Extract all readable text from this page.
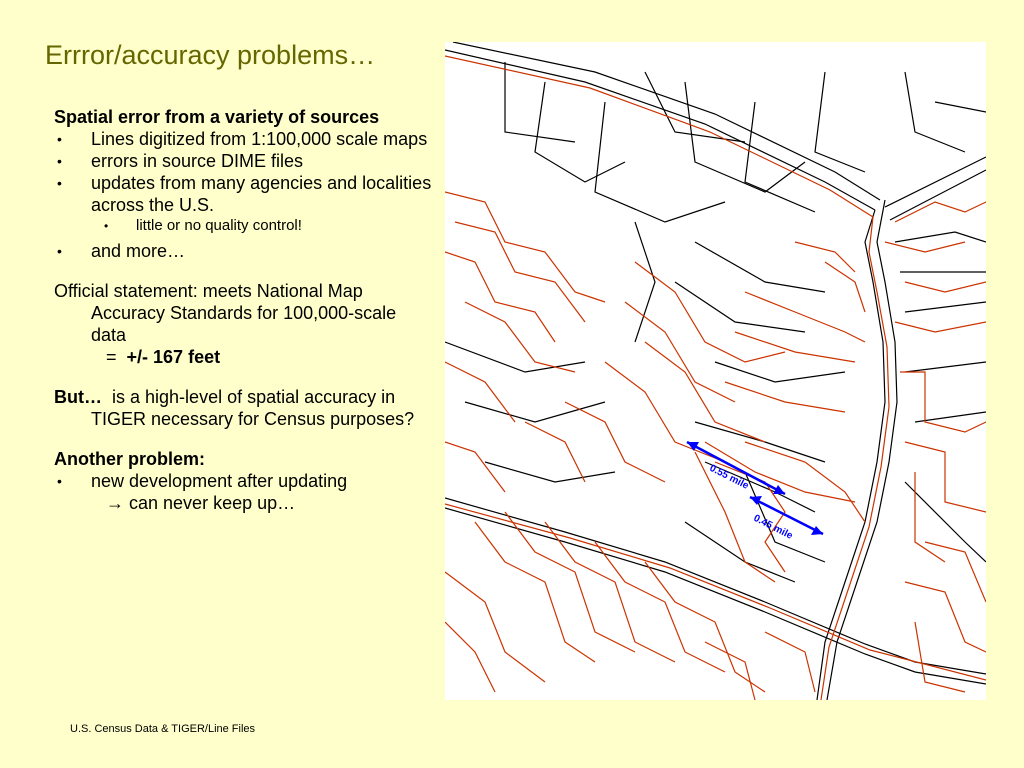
Errror/accuracy problems…
Spatial error from a variety of sources
• Lines digitized from 1:100,000 scale maps
• errors in source DIME files
• updates from many agencies and localities across the U.S.
• little or no quality control!
• and more…
Official statement: meets National Map Accuracy Standards for 100,000-scale data
= +/- 167 feet
But… is a high-level of spatial accuracy in TIGER necessary for Census purposes?
Another problem:
• new development after updating
→ can never keep up…
0.55 mile
0.45 mile
U.S. Census Data & TIGER/Line Files
